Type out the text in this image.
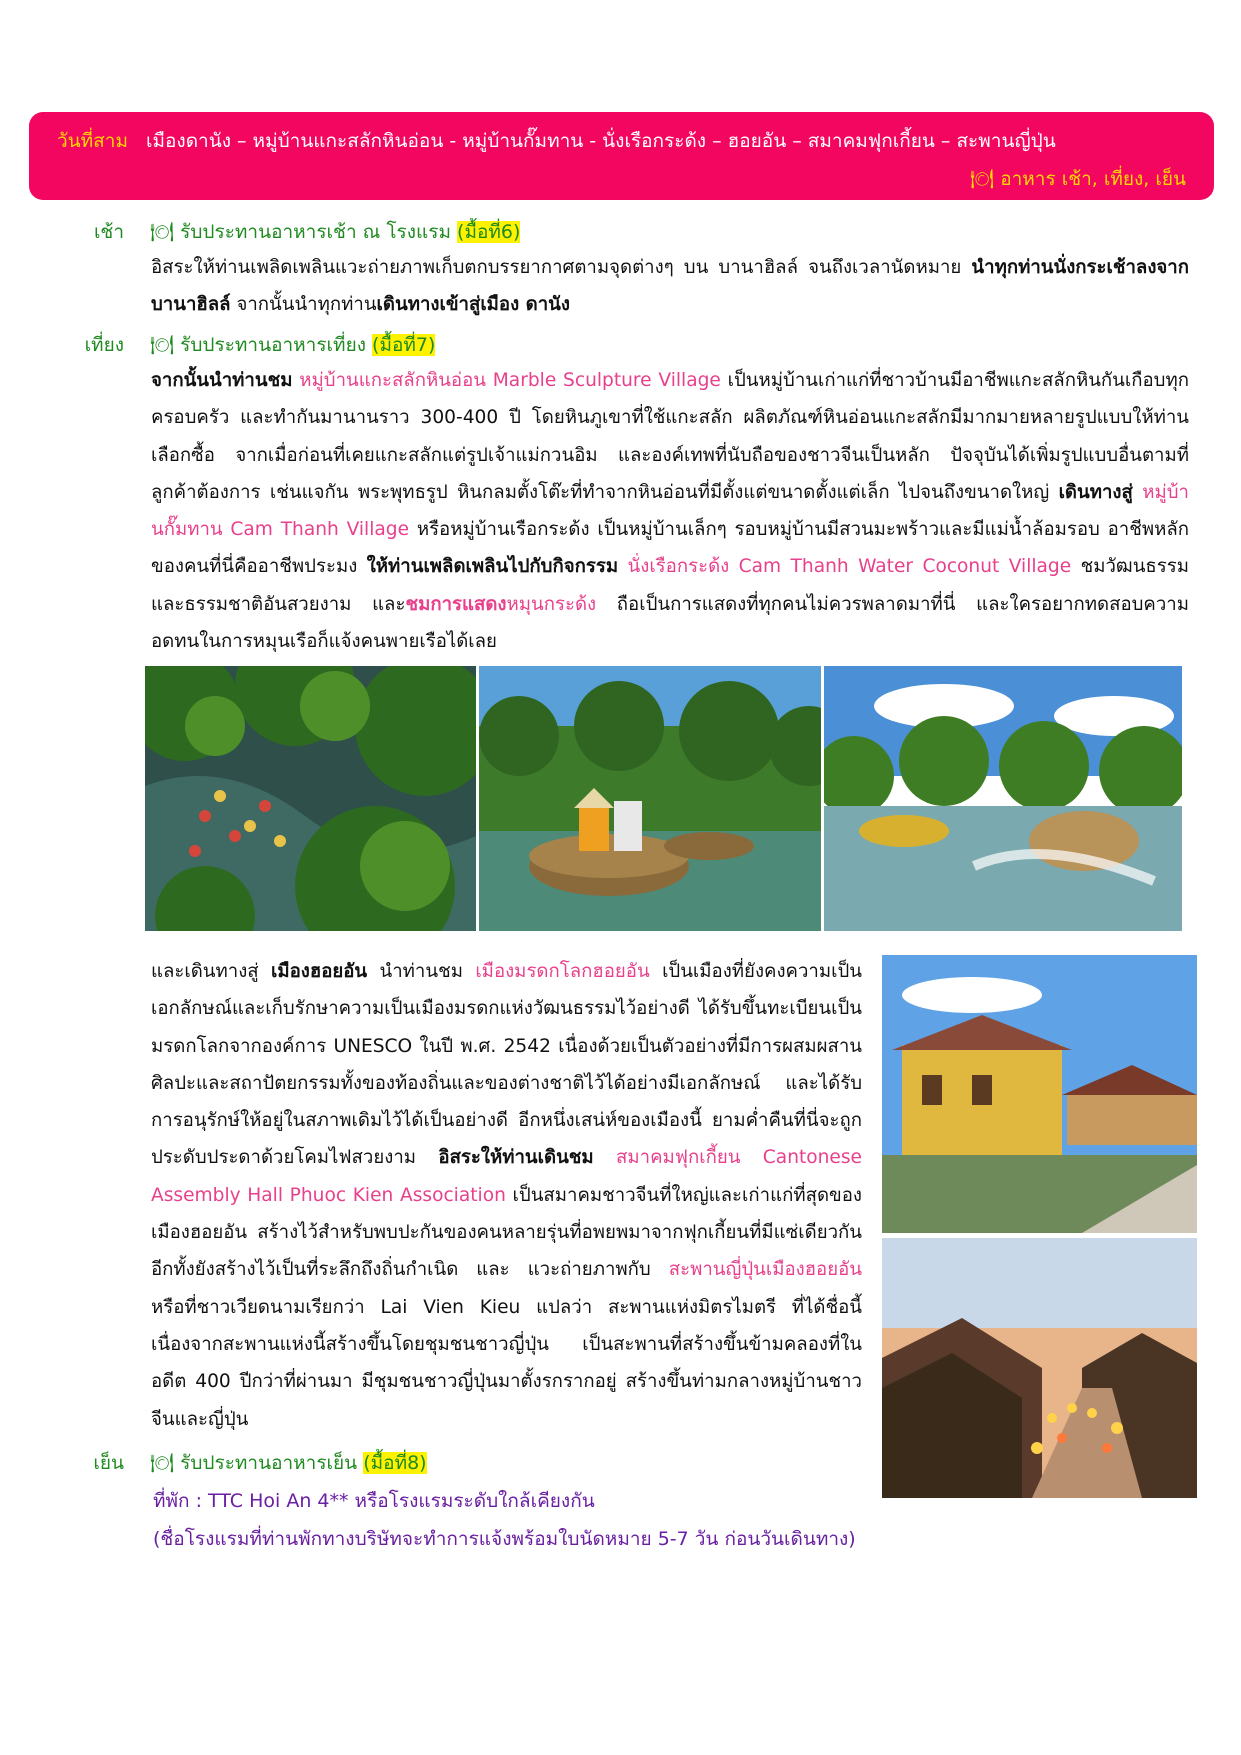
วันที่สาม เมืองดานัง – หมู่บ้านแกะสลักหินอ่อน - หมู่บ้านกั๊มทาน - นั่งเรือกระด้ง – ฮอยอัน – สมาคมฟุกเกี้ยน – สะพานญี่ปุ่น
🍽 อาหาร เช้า, เที่ยง, เย็น
เช้า 🍽 รับประทานอาหารเช้า ณ โรงแรม (มื้อที่6)
อิสระให้ท่านเพลิดเพลินแวะถ่ายภาพเก็บตกบรรยากาศตามจุดต่างๆ บน บานาฮิลล์ จนถึงเวลานัดหมาย นำทุกท่านนั่งกระเช้าลงจากบานาฮิลล์ จากนั้นนำทุกท่านเดินทางเข้าสู่เมือง ดานัง
เที่ยง 🍽 รับประทานอาหารเที่ยง (มื้อที่7)
จากนั้นนำท่านชม หมู่บ้านแกะสลักหินอ่อน Marble Sculpture Village เป็นหมู่บ้านเก่าแก่ที่ชาวบ้านมีอาชีพแกะสลักหินกันเกือบทุกครอบครัว และทำกันมานานราว 300-400 ปี โดยหินภูเขาที่ใช้แกะสลัก ผลิตภัณฑ์หินอ่อนแกะสลักมีมากมายหลายรูปแบบให้ท่านเลือกซื้อ จากเมื่อก่อนที่เคยแกะสลักแต่รูปเจ้าแม่กวนอิม และองค์เทพที่นับถือของชาวจีนเป็นหลัก ปัจจุบันได้เพิ่มรูปแบบอื่นตามที่ลูกค้าต้องการ เช่นแจกัน พระพุทธรูป หินกลมตั้งโต๊ะที่ทำจากหินอ่อนที่มีตั้งแต่ขนาดตั้งแต่เล็ก ไปจนถึงขนาดใหญ่ เดินทางสู่ หมู่บ้านกั๊มทาน Cam Thanh Village หรือหมู่บ้านเรือกระด้ง เป็นหมู่บ้านเล็กๆ รอบหมู่บ้านมีสวนมะพร้าวและมีแม่น้ำล้อมรอบ อาชีพหลักของคนที่นี่คืออาชีพประมง ให้ท่านเพลิดเพลินไปกับกิจกรรม นั่งเรือกระด้ง Cam Thanh Water Coconut Village ชมวัฒนธรรมและธรรมชาติอันสวยงาม และชมการแสดงหมุนกระด้ง ถือเป็นการแสดงที่ทุกคนไม่ควรพลาดมาที่นี่ และใครอยากทดสอบความอดทนในการหมุนเรือก็แจ้งคนพายเรือได้เลย
และเดินทางสู่ เมืองฮอยอัน นำท่านชม เมืองมรดกโลกฮอยอัน เป็นเมืองที่ยังคงความเป็นเอกลักษณ์และเก็บรักษาความเป็นเมืองมรดกแห่งวัฒนธรรมไว้อย่างดี ได้รับขึ้นทะเบียนเป็นมรดกโลกจากองค์การ UNESCO ในปี พ.ศ. 2542 เนื่องด้วยเป็นตัวอย่างที่มีการผสมผสานศิลปะและสถาปัตยกรรมทั้งของท้องถิ่นและของต่างชาติไว้ได้อย่างมีเอกลักษณ์ และได้รับการอนุรักษ์ให้อยู่ในสภาพเดิมไว้ได้เป็นอย่างดี อีกหนึ่งเสน่ห์ของเมืองนี้ ยามค่ำคืนที่นี่จะถูกประดับประดาด้วยโคมไฟสวยงาม อิสระให้ท่านเดินชม สมาคมฟุกเกี้ยน Cantonese Assembly Hall Phuoc Kien Association เป็นสมาคมชาวจีนที่ใหญ่และเก่าแก่ที่สุดของเมืองฮอยอัน สร้างไว้สำหรับพบปะกันของคนหลายรุ่นที่อพยพมาจากฟุกเกี้ยนที่มีแซ่เดียวกัน อีกทั้งยังสร้างไว้เป็นที่ระลึกถึงถิ่นกำเนิด และ แวะถ่ายภาพกับ สะพานญี่ปุ่นเมืองฮอยอัน หรือที่ชาวเวียดนามเรียกว่า Lai Vien Kieu แปลว่า สะพานแห่งมิตรไมตรี ที่ได้ชื่อนี้เนื่องจากสะพานแห่งนี้สร้างขึ้นโดยชุมชนชาวญี่ปุ่น เป็นสะพานที่สร้างขึ้นข้ามคลองที่ในอดีต 400 ปีกว่าที่ผ่านมา มีชุมชนชาวญี่ปุ่นมาตั้งรกรากอยู่ สร้างขึ้นท่ามกลางหมู่บ้านชาวจีนและญี่ปุ่น
เย็น 🍽 รับประทานอาหารเย็น (มื้อที่8)
ที่พัก : TTC Hoi An 4** หรือโรงแรมระดับใกล้เคียงกัน
(ชื่อโรงแรมที่ท่านพักทางบริษัทจะทำการแจ้งพร้อมใบนัดหมาย 5-7 วัน ก่อนวันเดินทาง)
